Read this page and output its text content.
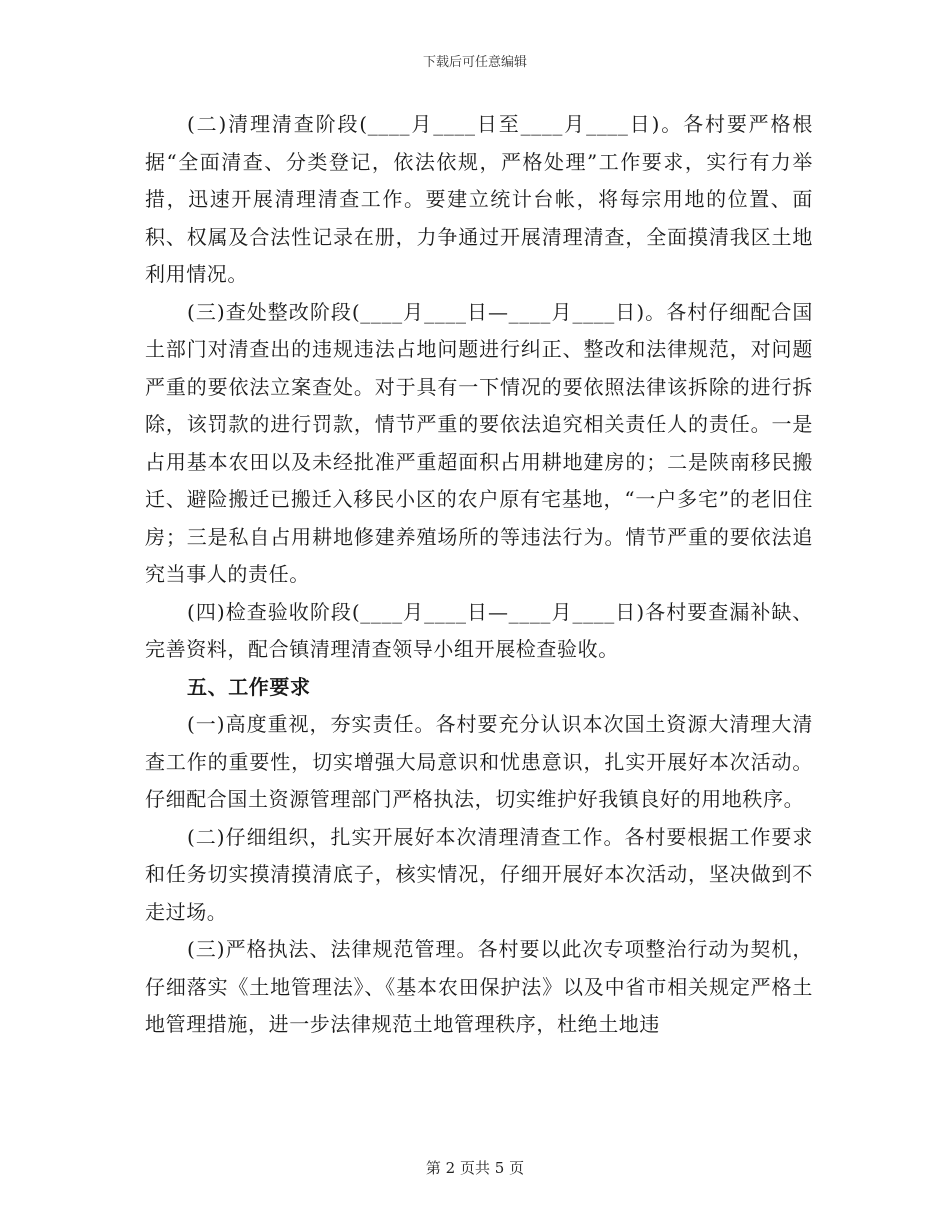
下载后可任意编辑

(二)清理清查阶段(____月____日至____月____日)。各村要严格根据“全面清查、分类登记，依法依规，严格处理”工作要求，实行有力举措，迅速开展清理清查工作。要建立统计台帐，将每宗用地的位置、面积、权属及合法性记录在册，力争通过开展清理清查，全面摸清我区土地利用情况。

(三)查处整改阶段(____月____日—____月____日)。各村仔细配合国土部门对清查出的违规违法占地问题进行纠正、整改和法律规范，对问题严重的要依法立案查处。对于具有一下情况的要依照法律该拆除的进行拆除，该罚款的进行罚款，情节严重的要依法追究相关责任人的责任。一是占用基本农田以及未经批准严重超面积占用耕地建房的；二是陕南移民搬迁、避险搬迁已搬迁入移民小区的农户原有宅基地，“一户多宅”的老旧住房；三是私自占用耕地修建养殖场所的等违法行为。情节严重的要依法追究当事人的责任。

(四)检查验收阶段(____月____日—____月____日)各村要查漏补缺、完善资料，配合镇清理清查领导小组开展检查验收。

五、工作要求

(一)高度重视，夯实责任。各村要充分认识本次国土资源大清理大清查工作的重要性，切实增强大局意识和忧患意识，扎实开展好本次活动。仔细配合国土资源管理部门严格执法，切实维护好我镇良好的用地秩序。

(二)仔细组织，扎实开展好本次清理清查工作。各村要根据工作要求和任务切实摸清摸清底子，核实情况，仔细开展好本次活动，坚决做到不走过场。

(三)严格执法、法律规范管理。各村要以此次专项整治行动为契机，仔细落实《土地管理法》、《基本农田保护法》以及中省市相关规定严格土地管理措施，进一步法律规范土地管理秩序，杜绝土地违

第 2 页共 5 页
